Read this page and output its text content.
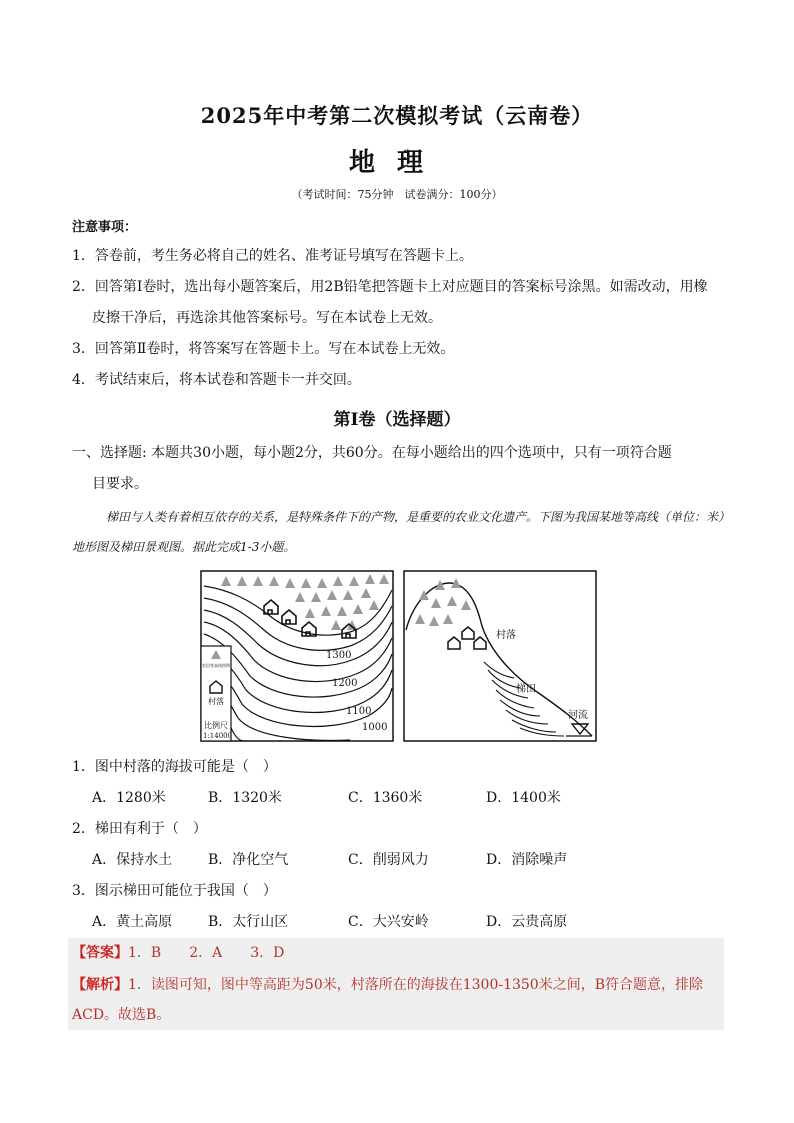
2025年中考第二次模拟考试（云南卷）
地理
（考试时间：75分钟　试卷满分：100分）
注意事项：
1．答卷前，考生务必将自己的姓名、准考证号填写在答题卡上。
2．回答第Ⅰ卷时，选出每小题答案后，用2B铅笔把答题卡上对应题目的答案标号涂黑。如需改动，用橡
皮擦干净后，再选涂其他答案标号。写在本试卷上无效。
3．回答第Ⅱ卷时，将答案写在答题卡上。写在本试卷上无效。
4．考试结束后，将本试卷和答题卡一并交回。
第Ⅰ卷（选择题）
一、选择题: 本题共30小题，每小题2分，共60分。在每小题给出的四个选项中，只有一项符合题
目要求。
梯田与人类有着相互依存的关系，是特殊条件下的产物，是重要的农业文化遗产。下图为我国某地等高线（单位：米）地形图及梯田景观图。据此完成1-3小题。
1300
1200
1100
1000
农田等高线图例
村落
比例尺
1:14000
村落
梯田
河流
1．图中村落的海拔可能是（　）
A．1280米	B．1320米	C．1360米	D．1400米
2．梯田有利于（　）
A．保持水土	B．净化空气	C．削弱风力	D．消除噪声
3．图示梯田可能位于我国（　）
A．黄土高原	B．太行山区	C．大兴安岭	D．云贵高原
【答案】1．B　　2．A　　3．D
【解析】1．读图可知，图中等高距为50米，村落所在的海拔在1300-1350米之间，B符合题意，排除
ACD。故选B。
